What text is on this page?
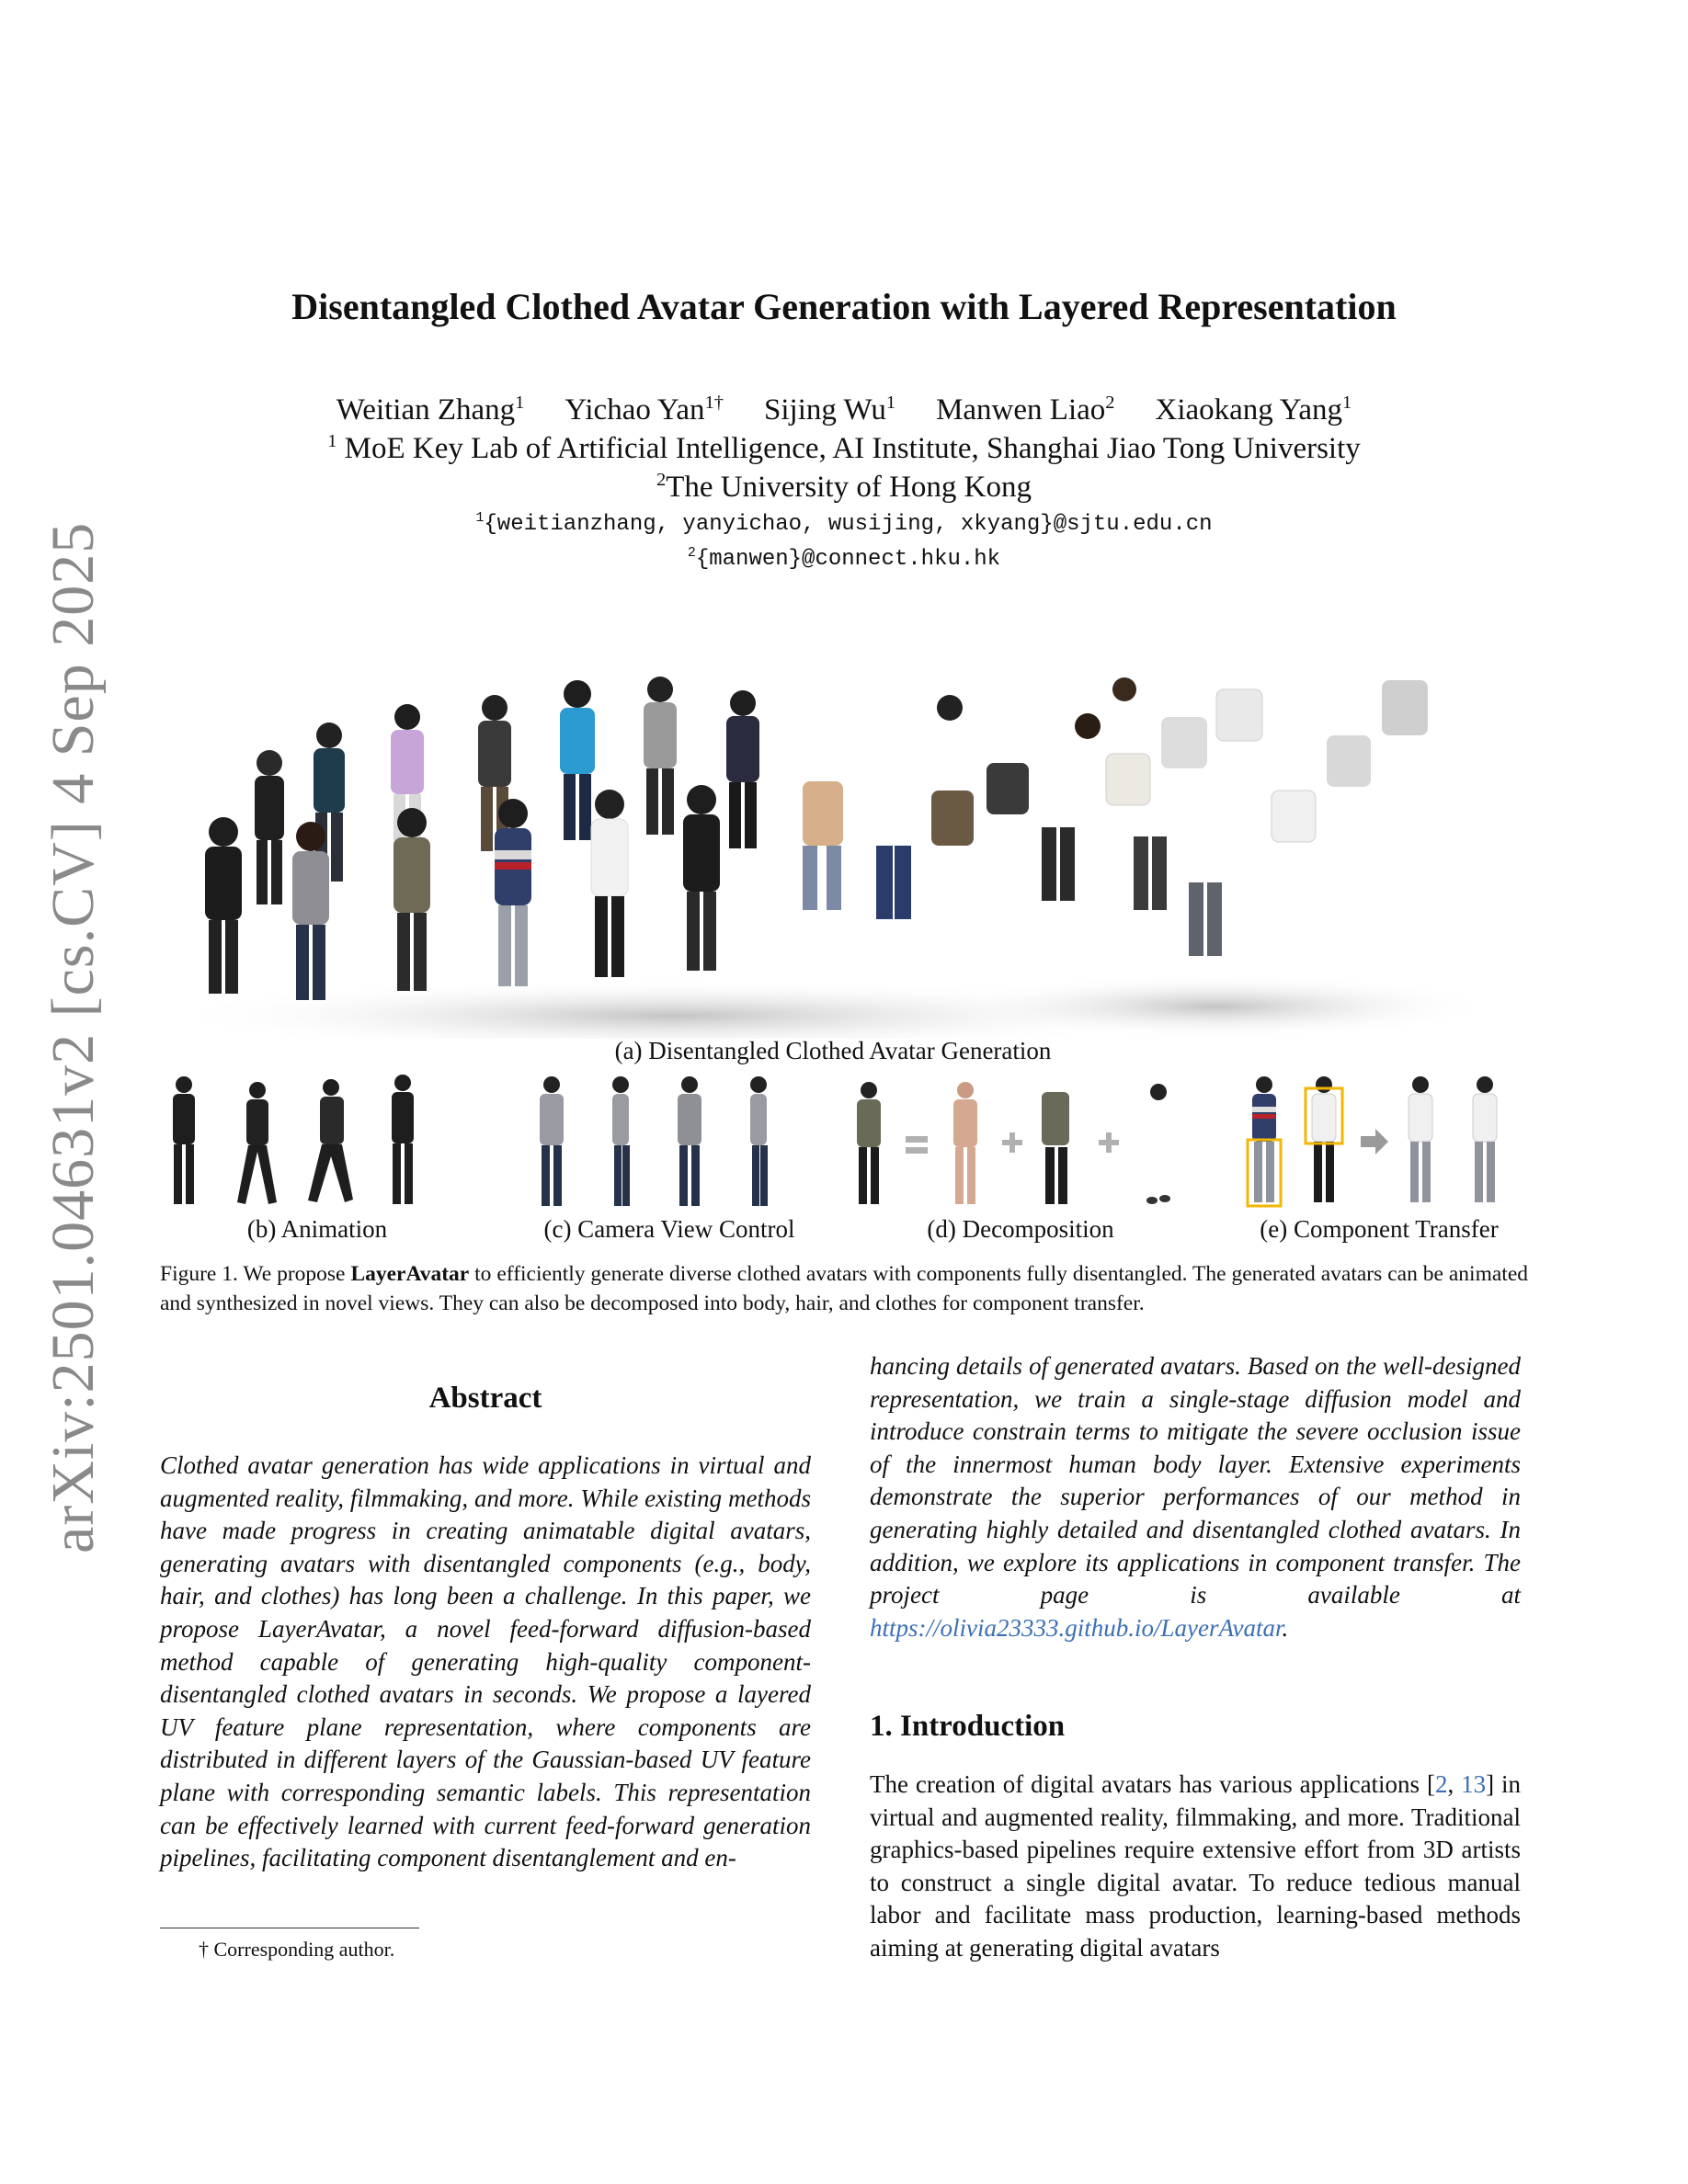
arXiv:2501.04631v2 [cs.CV] 4 Sep 2025
Disentangled Clothed Avatar Generation with Layered Representation
Weitian Zhang$^1$ Yichao Yan$^{1\dagger}$ Sijing Wu$^1$ Manwen Liao$^2$ Xiaokang Yang$^1$
$^1$ MoE Key Lab of Artificial Intelligence, AI Institute, Shanghai Jiao Tong University
$^2$The University of Hong Kong
$^1${weitianzhang, yanyichao, wusijing, xkyang}@sjtu.edu.cn
$^2${manwen}@connect.hku.hk
(a) Disentangled Clothed Avatar Generation
(b) Animation	(c) Camera View Control	(d) Decomposition	(e) Component Transfer
Figure 1. We propose LayerAvatar to efficiently generate diverse clothed avatars with components fully disentangled. The generated avatars can be animated and synthesized in novel views. They can also be decomposed into body, hair, and clothes for component transfer.
Abstract
Clothed avatar generation has wide applications in virtual and augmented reality, filmmaking, and more. While existing methods have made progress in creating animatable digital avatars, generating avatars with disentangled components (e.g., body, hair, and clothes) has long been a challenge. In this paper, we propose LayerAvatar, a novel feed-forward diffusion-based method capable of generating high-quality component-disentangled clothed avatars in seconds. We propose a layered UV feature plane representation, where components are distributed in different layers of the Gaussian-based UV feature plane with corresponding semantic labels. This representation can be effectively learned with current feed-forward generation pipelines, facilitating component disentanglement and en-
hancing details of generated avatars. Based on the well-designed representation, we train a single-stage diffusion model and introduce constrain terms to mitigate the severe occlusion issue of the innermost human body layer. Extensive experiments demonstrate the superior performances of our method in generating highly detailed and disentangled clothed avatars. In addition, we explore its applications in component transfer. The project page is available at https://olivia23333.github.io/LayerAvatar.
1. Introduction
The creation of digital avatars has various applications [2, 13] in virtual and augmented reality, filmmaking, and more. Traditional graphics-based pipelines require extensive effort from 3D artists to construct a single digital avatar. To reduce tedious manual labor and facilitate mass production, learning-based methods aiming at generating digital avatars
† Corresponding author.
